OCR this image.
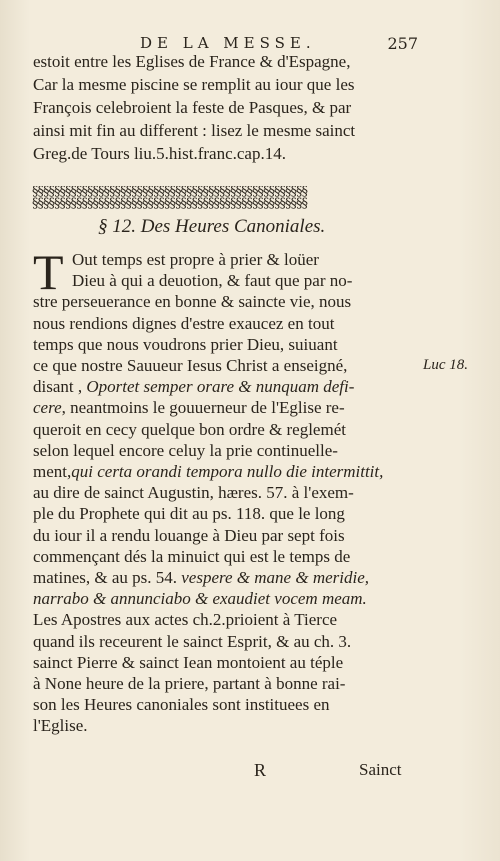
DE LA MESSE.	257
estoit entre les Eglises de France & d'Espagne,
Car la mesme piscine se remplit au iour que les
François celebroient la feste de Pasques, & par
ainsi mit fin au different : lisez le mesme sainct
Greg.de Tours liu.5.hist.franc.cap.14.
§§§§§§§§§§§§§§§§§§§§§§§§§§§§§§§§§§§§§§§§§§§§§§§§§§
§§§§§§§§§§§§§§§§§§§§§§§§§§§§§§§§§§§§§§§§§§§§§§§§§§
§ 12. Des Heures Canoniales.
T Out temps est propre à prier & loüer
Dieu à qui a deuotion, & faut que par no-
stre perseuerance en bonne & saincte vie, nous
nous rendions dignes d'estre exaucez en tout
temps que nous voudrons prier Dieu, suiuant
ce que nostre Sauueur Iesus Christ a enseigné,
disant , Oportet semper orare & nunquam defi-
cere, neantmoins le gouuerneur de l'Eglise re-
queroit en cecy quelque bon ordre & reglemét
selon lequel encore celuy la prie continuelle-
ment,qui certa orandi tempora nullo die intermittit,
au dire de sainct Augustin, hæres. 57. à l'exem-
ple du Prophete qui dit au ps. 118. que le long
du iour il a rendu louange à Dieu par sept fois
commençant dés la minuict qui est le temps de
matines, & au ps. 54. vespere & mane & meridie,
narrabo & annunciabo & exaudiet vocem meam.
Les Apostres aux actes ch.2.prioient à Tierce
quand ils receurent le sainct Esprit, & au ch. 3.
sainct Pierre & sainct Iean montoient au téple
à None heure de la priere, partant à bonne rai-
son les Heures canoniales sont instituees en
l'Eglise.
Luc 18.
R	Sainct
